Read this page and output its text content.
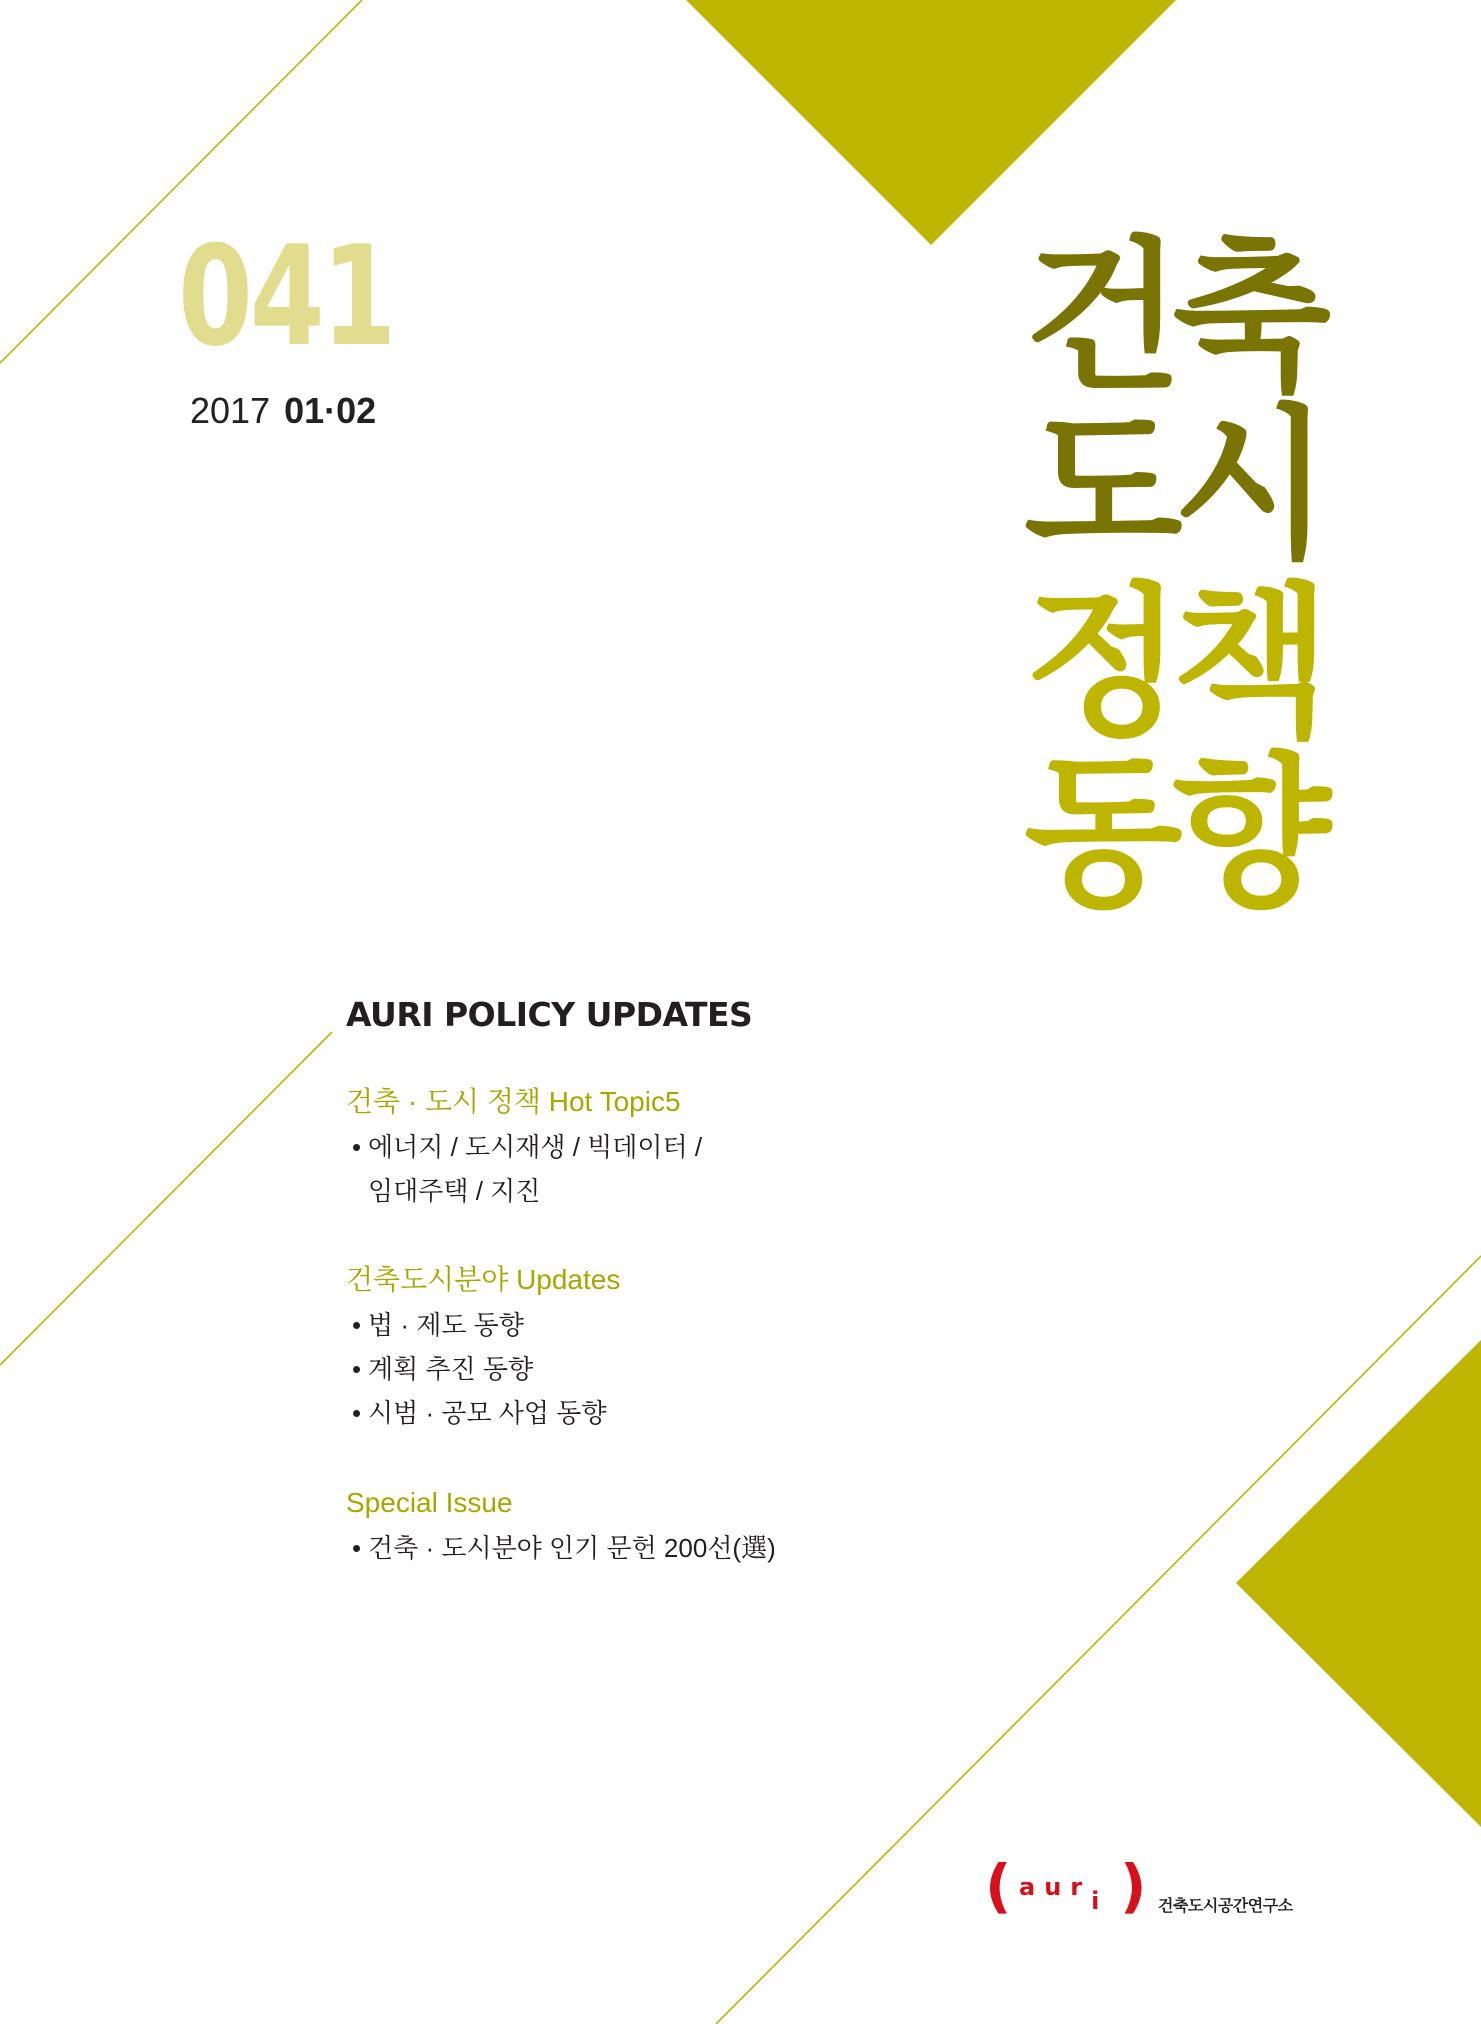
041
2017 01·02	건축
도시
정책
동향
AURI POLICY UPDATES
건축 · 도시 정책 Hot Topic5
• 에너지 / 도시재생 / 빅데이터 /
임대주택 / 지진
건축도시분야 Updates
• 법 · 제도 동향
• 계획 추진 동향
• 시범 · 공모 사업 동향
Special Issue
• 건축 · 도시분야 인기 문헌 200선(選)
( auri ) 건축도시공간연구소
